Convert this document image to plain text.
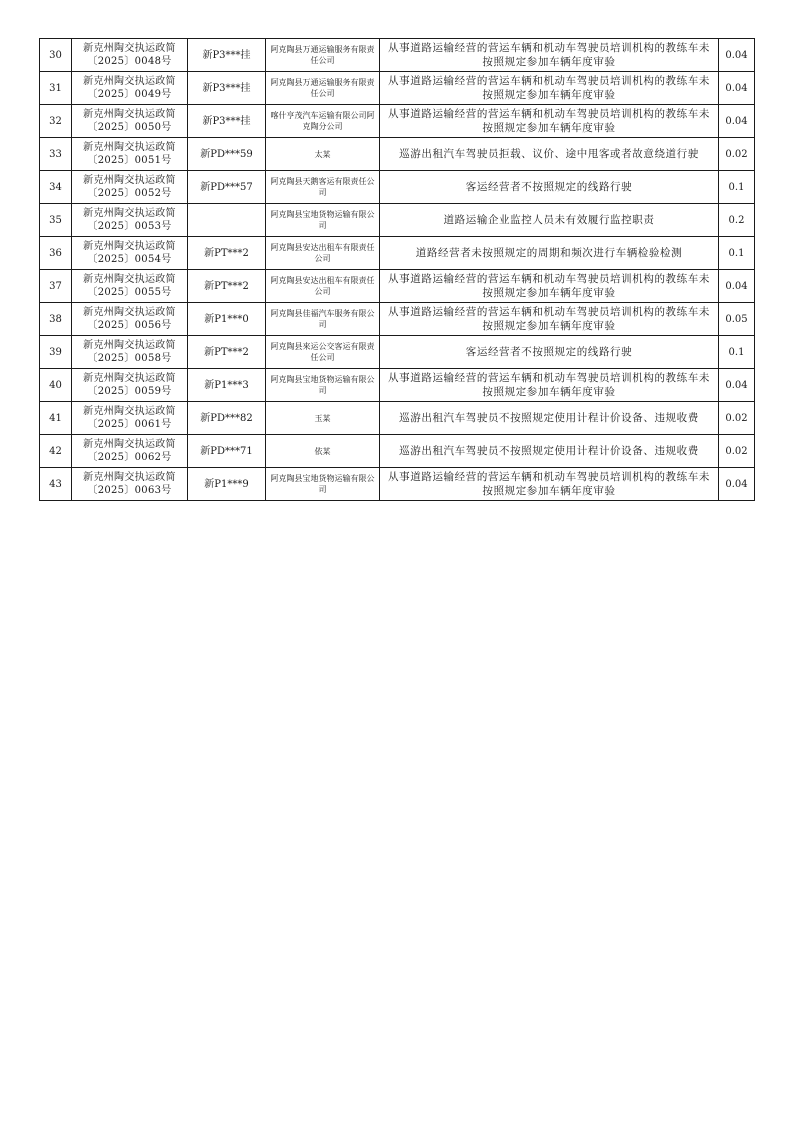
30	新克州陶交执运政简〔2025〕0048号	新P3***挂	阿克陶县万通运输服务有限责任公司	从事道路运输经营的营运车辆和机动车驾驶员培训机构的教练车未按照规定参加车辆年度审验	0.04
31	新克州陶交执运政简〔2025〕0049号	新P3***挂	阿克陶县万通运输服务有限责任公司	从事道路运输经营的营运车辆和机动车驾驶员培训机构的教练车未按照规定参加车辆年度审验	0.04
32	新克州陶交执运政简〔2025〕0050号	新P3***挂	喀什亨茂汽车运输有限公司阿克陶分公司	从事道路运输经营的营运车辆和机动车驾驶员培训机构的教练车未按照规定参加车辆年度审验	0.04
33	新克州陶交执运政简〔2025〕0051号	新PD***59	太某	巡游出租汽车驾驶员拒载、议价、途中甩客或者故意绕道行驶	0.02
34	新克州陶交执运政简〔2025〕0052号	新PD***57	阿克陶县天鹅客运有限责任公司	客运经营者不按照规定的线路行驶	0.1
35	新克州陶交执运政简〔2025〕0053号		阿克陶县宝地货物运输有限公司	道路运输企业监控人员未有效履行监控职责	0.2
36	新克州陶交执运政简〔2025〕0054号	新PT***2	阿克陶县安达出租车有限责任公司	道路经营者未按照规定的周期和频次进行车辆检验检测	0.1
37	新克州陶交执运政简〔2025〕0055号	新PT***2	阿克陶县安达出租车有限责任公司	从事道路运输经营的营运车辆和机动车驾驶员培训机构的教练车未按照规定参加车辆年度审验	0.04
38	新克州陶交执运政简〔2025〕0056号	新P1***0	阿克陶县佳福汽车服务有限公司	从事道路运输经营的营运车辆和机动车驾驶员培训机构的教练车未按照规定参加车辆年度审验	0.05
39	新克州陶交执运政简〔2025〕0058号	新PT***2	阿克陶县來运公交客运有限责任公司	客运经营者不按照规定的线路行驶	0.1
40	新克州陶交执运政简〔2025〕0059号	新P1***3	阿克陶县宝地货物运输有限公司	从事道路运输经营的营运车辆和机动车驾驶员培训机构的教练车未按照规定参加车辆年度审验	0.04
41	新克州陶交执运政简〔2025〕0061号	新PD***82	玉某	巡游出租汽车驾驶员不按照规定使用计程计价设备、违规收费	0.02
42	新克州陶交执运政简〔2025〕0062号	新PD***71	依某	巡游出租汽车驾驶员不按照规定使用计程计价设备、违规收费	0.02
43	新克州陶交执运政简〔2025〕0063号	新P1***9	阿克陶县宝地货物运输有限公司	从事道路运输经营的营运车辆和机动车驾驶员培训机构的教练车未按照规定参加车辆年度审验	0.04
